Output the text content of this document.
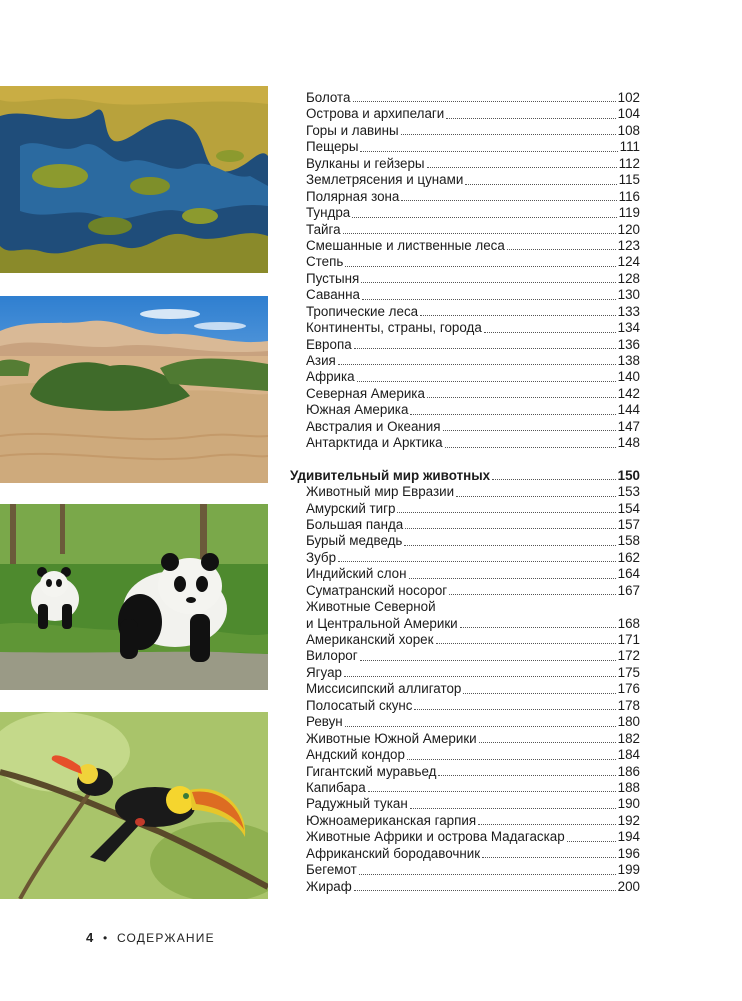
Болота	102
Острова и архипелаги	104
Горы и лавины	108
Пещеры	111
Вулканы и гейзеры	112
Землетрясения и цунами	115
Полярная зона	116
Тундра	119
Тайга	120
Смешанные и лиственные леса	123
Степь	124
Пустыня	128
Саванна	130
Тропические леса	133
Континенты, страны, города	134
Европа	136
Азия	138
Африка	140
Северная Америка	142
Южная Америка	144
Австралия и Океания	147
Антарктида и Арктика	148
Удивительный мир животных	150
Животный мир Евразии	153
Амурский тигр	154
Большая панда	157
Бурый медведь	158
Зубр	162
Индийский слон	164
Суматранский носорог	167
Животные Северной
и Центральной Америки	168
Американский хорек	171
Вилорог	172
Ягуар	175
Миссисипский аллигатор	176
Полосатый скунс	178
Ревун	180
Животные Южной Америки	182
Андский кондор	184
Гигантский муравьед	186
Капибара	188
Радужный тукан	190
Южноамериканская гарпия	192
Животные Африки и острова Мадагаскар	194
Африканский бородавочник	196
Бегемот	199
Жираф	200
4 • СОДЕРЖАНИЕ
